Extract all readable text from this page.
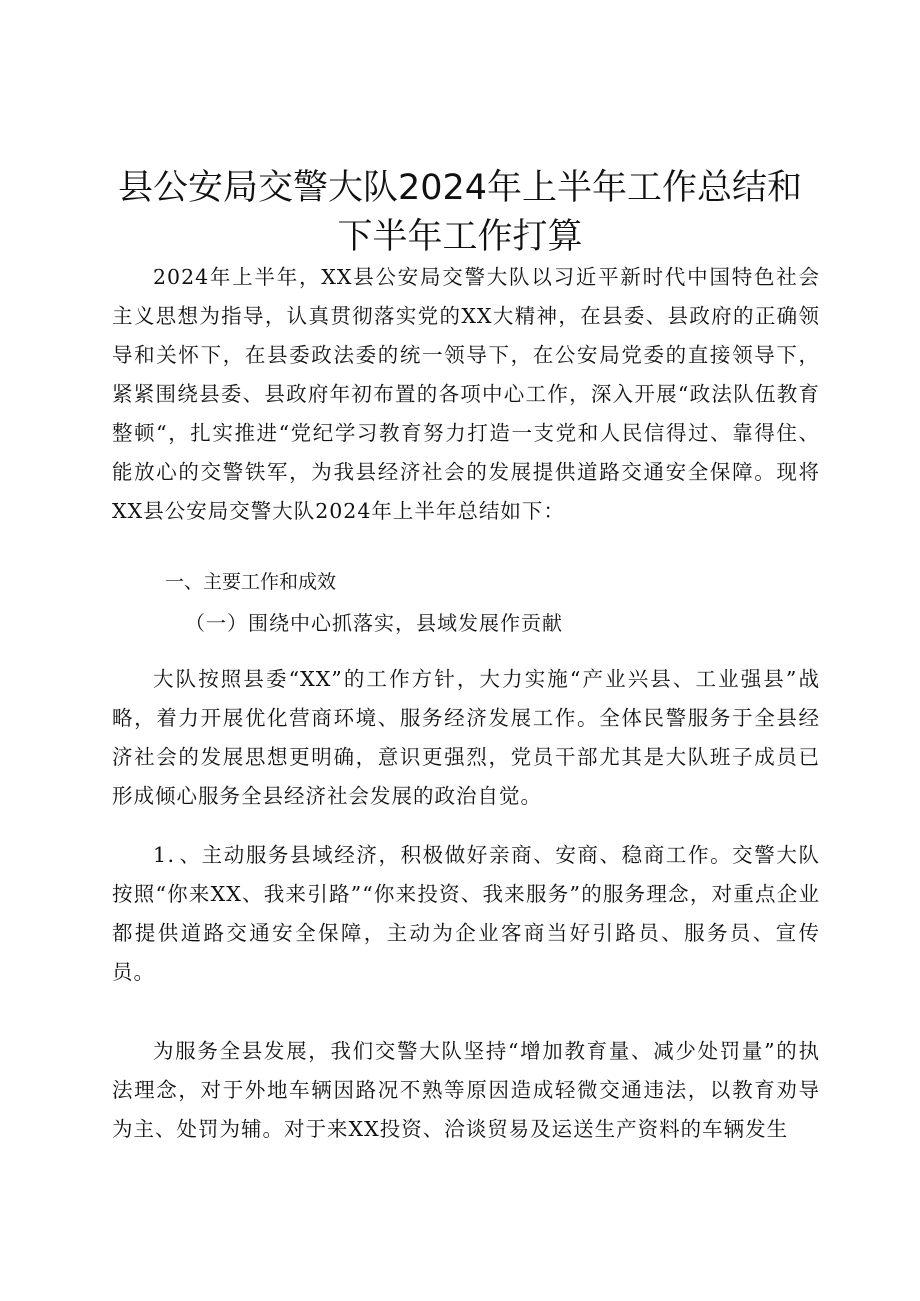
县公安局交警大队2024年上半年工作总结和
下半年工作打算

2024年上半年，XX县公安局交警大队以习近平新时代中国特色社会主义思想为指导，认真贯彻落实党的XX大精神，在县委、县政府的正确领导和关怀下，在县委政法委的统一领导下，在公安局党委的直接领导下，紧紧围绕县委、县政府年初布置的各项中心工作，深入开展“政法队伍教育整顿“，扎实推进“党纪学习教育努力打造一支党和人民信得过、靠得住、能放心的交警铁军，为我县经济社会的发展提供道路交通安全保障。现将XX县公安局交警大队2024年上半年总结如下：

一、主要工作和成效

（一）围绕中心抓落实，县域发展作贡献

大队按照县委“XX”的工作方针，大力实施“产业兴县、工业强县”战略，着力开展优化营商环境、服务经济发展工作。全体民警服务于全县经济社会的发展思想更明确，意识更强烈，党员干部尤其是大队班子成员已形成倾心服务全县经济社会发展的政治自觉。

1．、主动服务县域经济，积极做好亲商、安商、稳商工作。交警大队按照“你来XX、我来引路”“你来投资、我来服务”的服务理念，对重点企业都提供道路交通安全保障，主动为企业客商当好引路员、服务员、宣传员。

为服务全县发展，我们交警大队坚持“增加教育量、减少处罚量”的执法理念，对于外地车辆因路况不熟等原因造成轻微交通违法，以教育劝导为主、处罚为辅。对于来XX投资、洽谈贸易及运送生产资料的车辆发生
